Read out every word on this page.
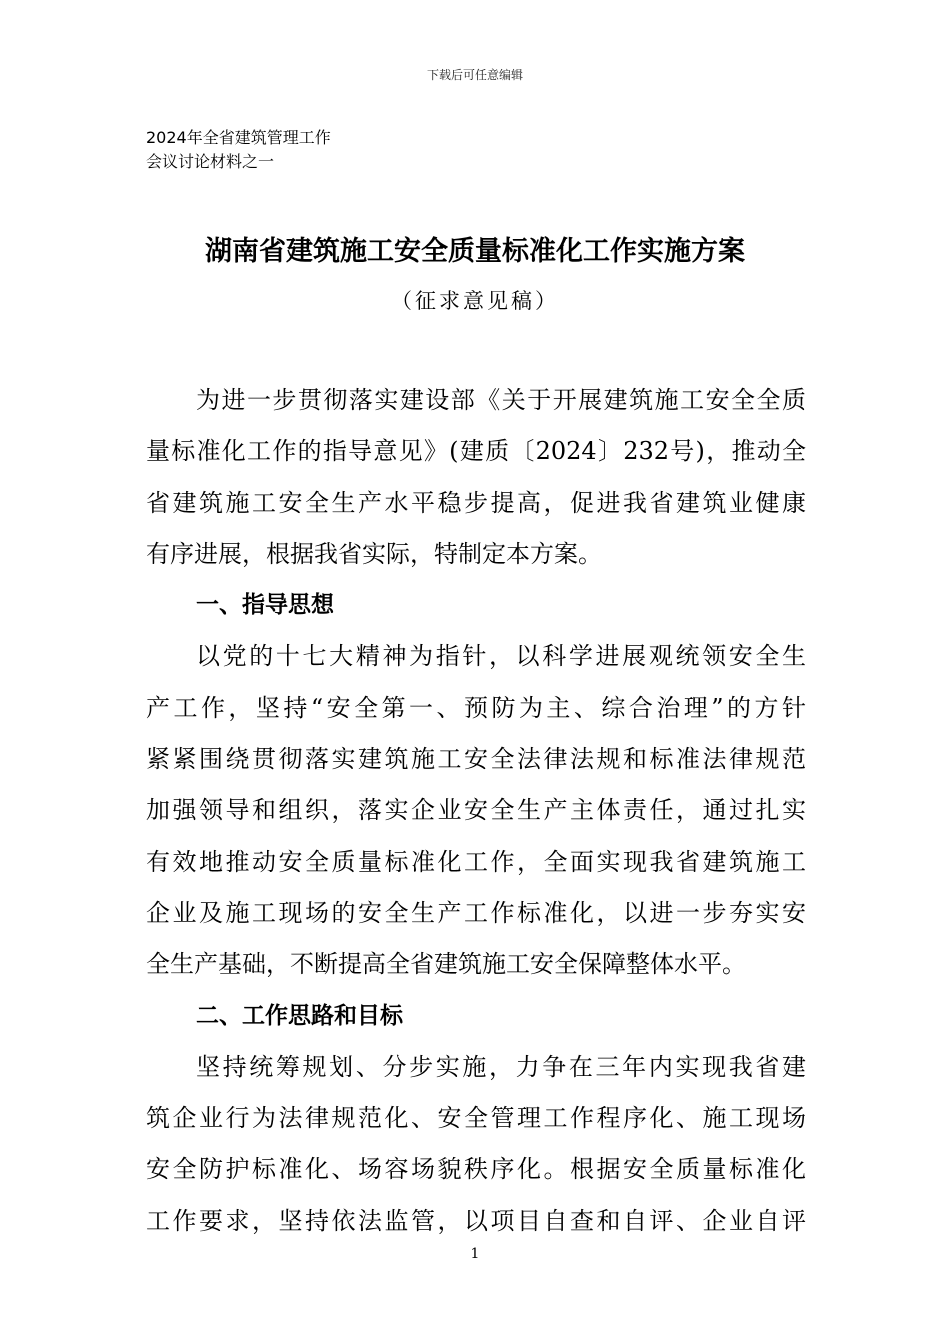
下载后可任意编辑
2024年全省建筑管理工作
会议讨论材料之一
湖南省建筑施工安全质量标准化工作实施方案
（征求意见稿）
为进一步贯彻落实建设部《关于开展建筑施工安全全质
量标准化工作的指导意见》(建质〔2024〕232号)，推动全
省建筑施工安全生产水平稳步提高，促进我省建筑业健康
有序进展，根据我省实际，特制定本方案。
一、指导思想
以党的十七大精神为指针，以科学进展观统领安全生
产工作，坚持“安全第一、预防为主、综合治理”的方针
紧紧围绕贯彻落实建筑施工安全法律法规和标准法律规范
加强领导和组织，落实企业安全生产主体责任，通过扎实
有效地推动安全质量标准化工作，全面实现我省建筑施工
企业及施工现场的安全生产工作标准化，以进一步夯实安
全生产基础，不断提高全省建筑施工安全保障整体水平。
二、工作思路和目标
坚持统筹规划、分步实施，力争在三年内实现我省建
筑企业行为法律规范化、安全管理工作程序化、施工现场
安全防护标准化、场容场貌秩序化。根据安全质量标准化
工作要求，坚持依法监管，以项目自查和自评、企业自评
1
